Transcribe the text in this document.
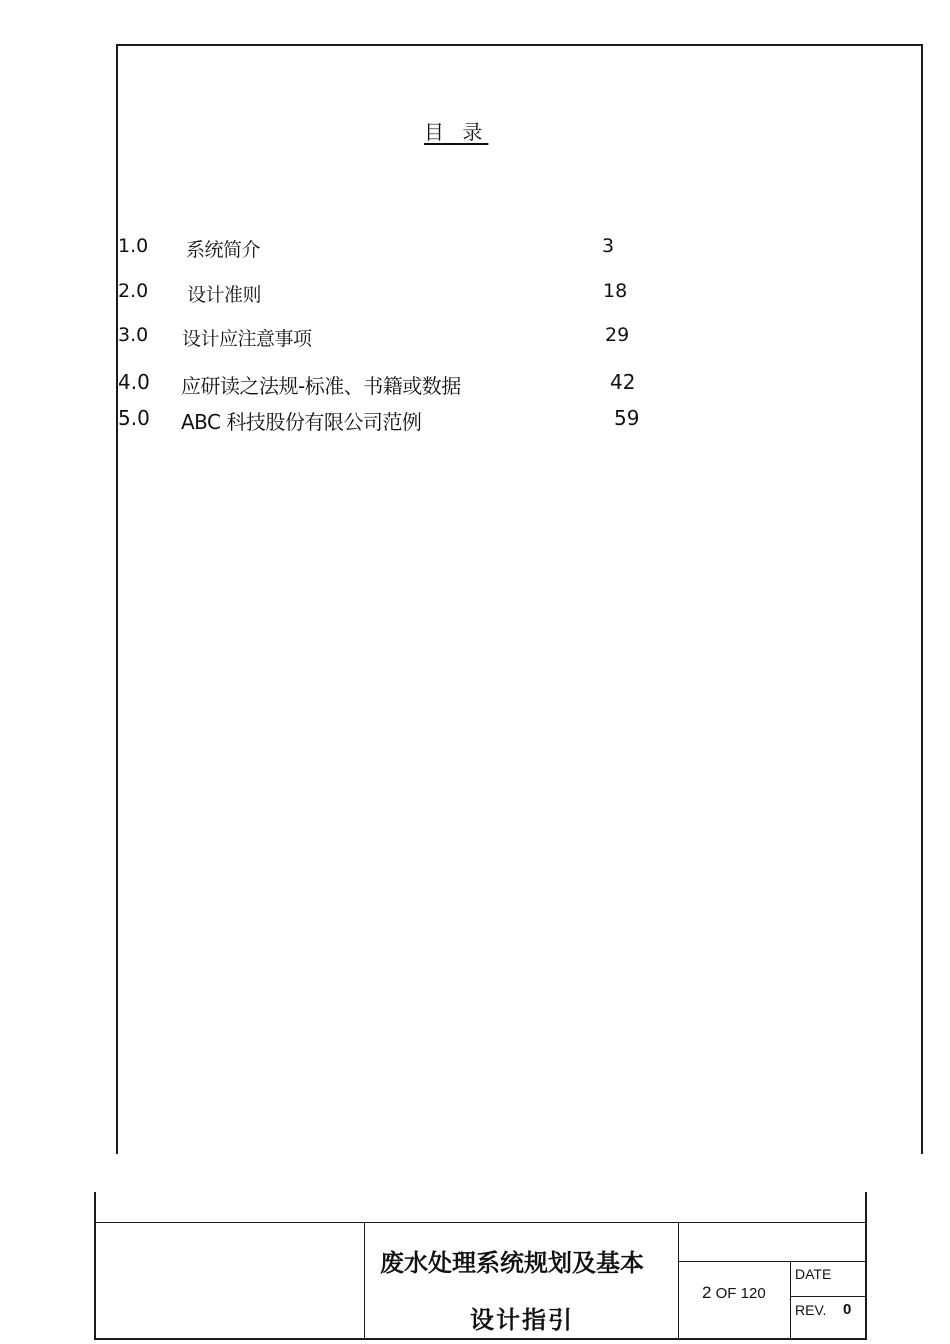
目 录
1.0 系统简介	3
2.0 设计准则	18
3.0 设计应注意事项	29
4.0 应研读之法规-标准、书籍或数据	42
5.0 ABC 科技股份有限公司范例	59
废水处理系统规划及基本
设计指引
2 OF 120
DATE
REV. 0
